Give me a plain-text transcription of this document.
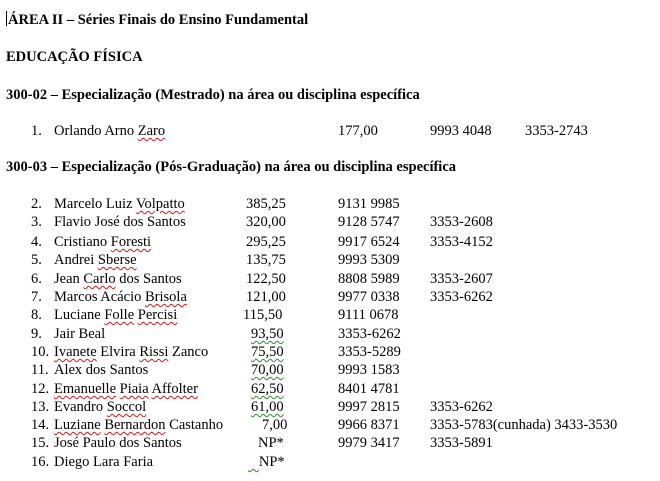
ÁREA II – Séries Finais do Ensino Fundamental
EDUCAÇÃO FÍSICA
300-02 – Especialização (Mestrado) na área ou disciplina específica
1. Orlando Arno Zaro	177,00	9993 4048 3353-2743
300-03 – Especialização (Pós-Graduação) na área ou disciplina específica
2. Marcelo Luiz Volpatto	385,25	9131 9985
3. Flavio José dos Santos	320,00	9128 5747 3353-2608
4. Cristiano Foresti	295,25	9917 6524 3353-4152
5. Andrei Sberse	135,75	9993 5309
6. Jean Carlo dos Santos	122,50	8808 5989 3353-2607
7. Marcos Acácio Brisola	121,00	9977 0338 3353-6262
8. Luciane Folle Percisi	115,50	9111 0678
9. Jair Beal	93,50	3353-6262
10. Ivanete Elvira Rissi Zanco	75,50	3353-5289
11. Alex dos Santos	70,00	9993 1583
12. Emanuelle Piaia Affolter	62,50	8401 4781
13. Evandro Soccol	61,00	9997 2815 3353-6262
14. Luziane Bernardon Castanho	7,00	9966 8371 3353-5783(cunhada) 3433-3530
15. José Paulo dos Santos	NP*	9979 3417 3353-5891
16. Diego Lara Faria	​   NP*
